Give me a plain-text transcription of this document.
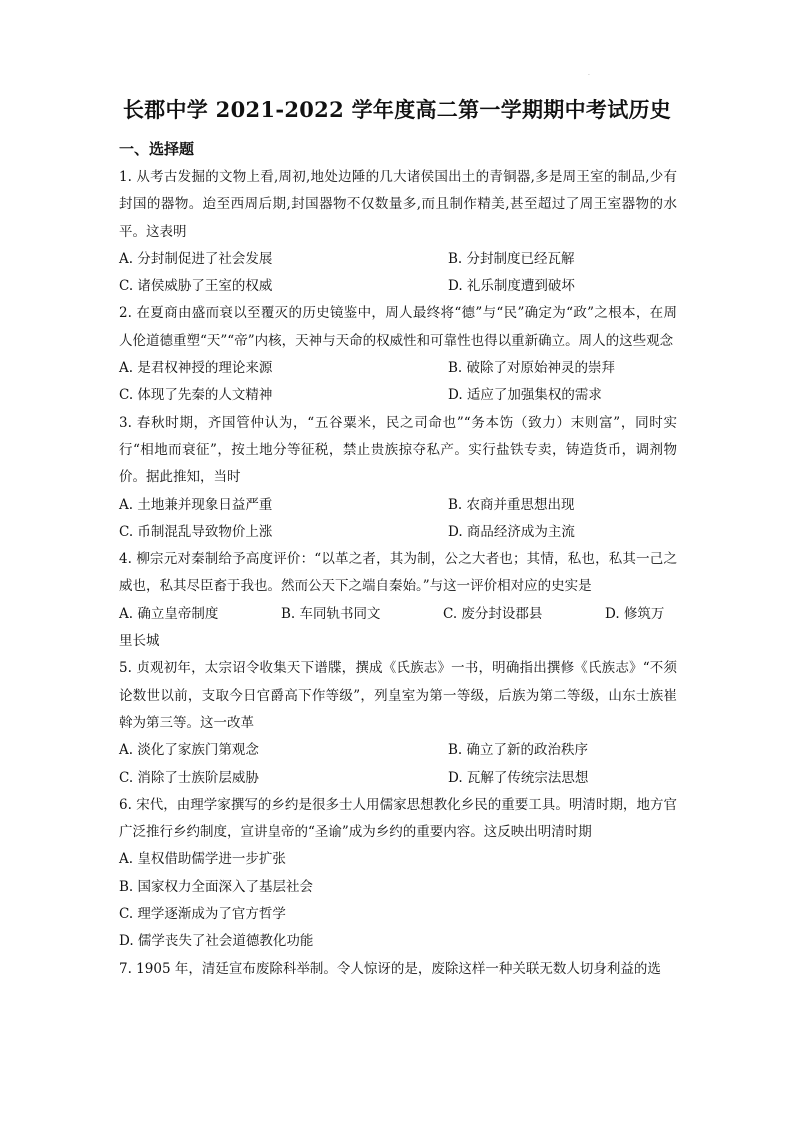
·
长郡中学 2021-2022 学年度高二第一学期期中考试历史
一、选择题

1. 从考古发掘的文物上看,周初,地处边陲的几大诸侯国出土的青铜器,多是周王室的制品,少有封国的器物。迨至西周后期,封国器物不仅数量多,而且制作精美,甚至超过了周王室器物的水平。这表明

A. 分封制促进了社会发展	B. 分封制度已经瓦解
C. 诸侯威胁了王室的权威	D. 礼乐制度遭到破坏

2. 在夏商由盛而衰以至覆灭的历史镜鉴中，周人最终将“德”与“民”确定为“政”之根本，在周人伦道德重塑“天”“帝”内核，天神与天命的权威性和可靠性也得以重新确立。周人的这些观念

A. 是君权神授的理论来源	B. 破除了对原始神灵的崇拜
C. 体现了先秦的人文精神	D. 适应了加强集权的需求

3. 春秋时期，齐国管仲认为，“五谷粟米，民之司命也”“务本饬（致力）末则富”，同时实行“相地而衰征”，按土地分等征税，禁止贵族掠夺私产。实行盐铁专卖，铸造货币，调剂物价。据此推知，当时

A. 土地兼并现象日益严重	B. 农商并重思想出现
C. 币制混乱导致物价上涨	D. 商品经济成为主流

4. 柳宗元对秦制给予高度评价：“以革之者，其为制，公之大者也；其情，私也，私其一己之威也，私其尽臣畜于我也。然而公天下之端自秦始。”与这一评价相对应的史实是

A. 确立皇帝制度	B. 车同轨书同文	C. 废分封设郡县	D. 修筑万
里长城

5. 贞观初年，太宗诏令收集天下谱牒，撰成《氏族志》一书，明确指出撰修《氏族志》“不须论数世以前，支取今日官爵高下作等级”，列皇室为第一等级，后族为第二等级，山东士族崔斡为第三等。这一改革

A. 淡化了家族门第观念	B. 确立了新的政治秩序
C. 消除了士族阶层威胁	D. 瓦解了传统宗法思想

6. 宋代，由理学家撰写的乡约是很多士人用儒家思想教化乡民的重要工具。明清时期，地方官广泛推行乡约制度，宣讲皇帝的“圣谕”成为乡约的重要内容。这反映出明清时期

A. 皇权借助儒学进一步扩张
B. 国家权力全面深入了基层社会
C. 理学逐渐成为了官方哲学
D. 儒学丧失了社会道德教化功能

7. 1905 年，清廷宣布废除科举制。令人惊讶的是，废除这样一种关联无数人切身利益的选
